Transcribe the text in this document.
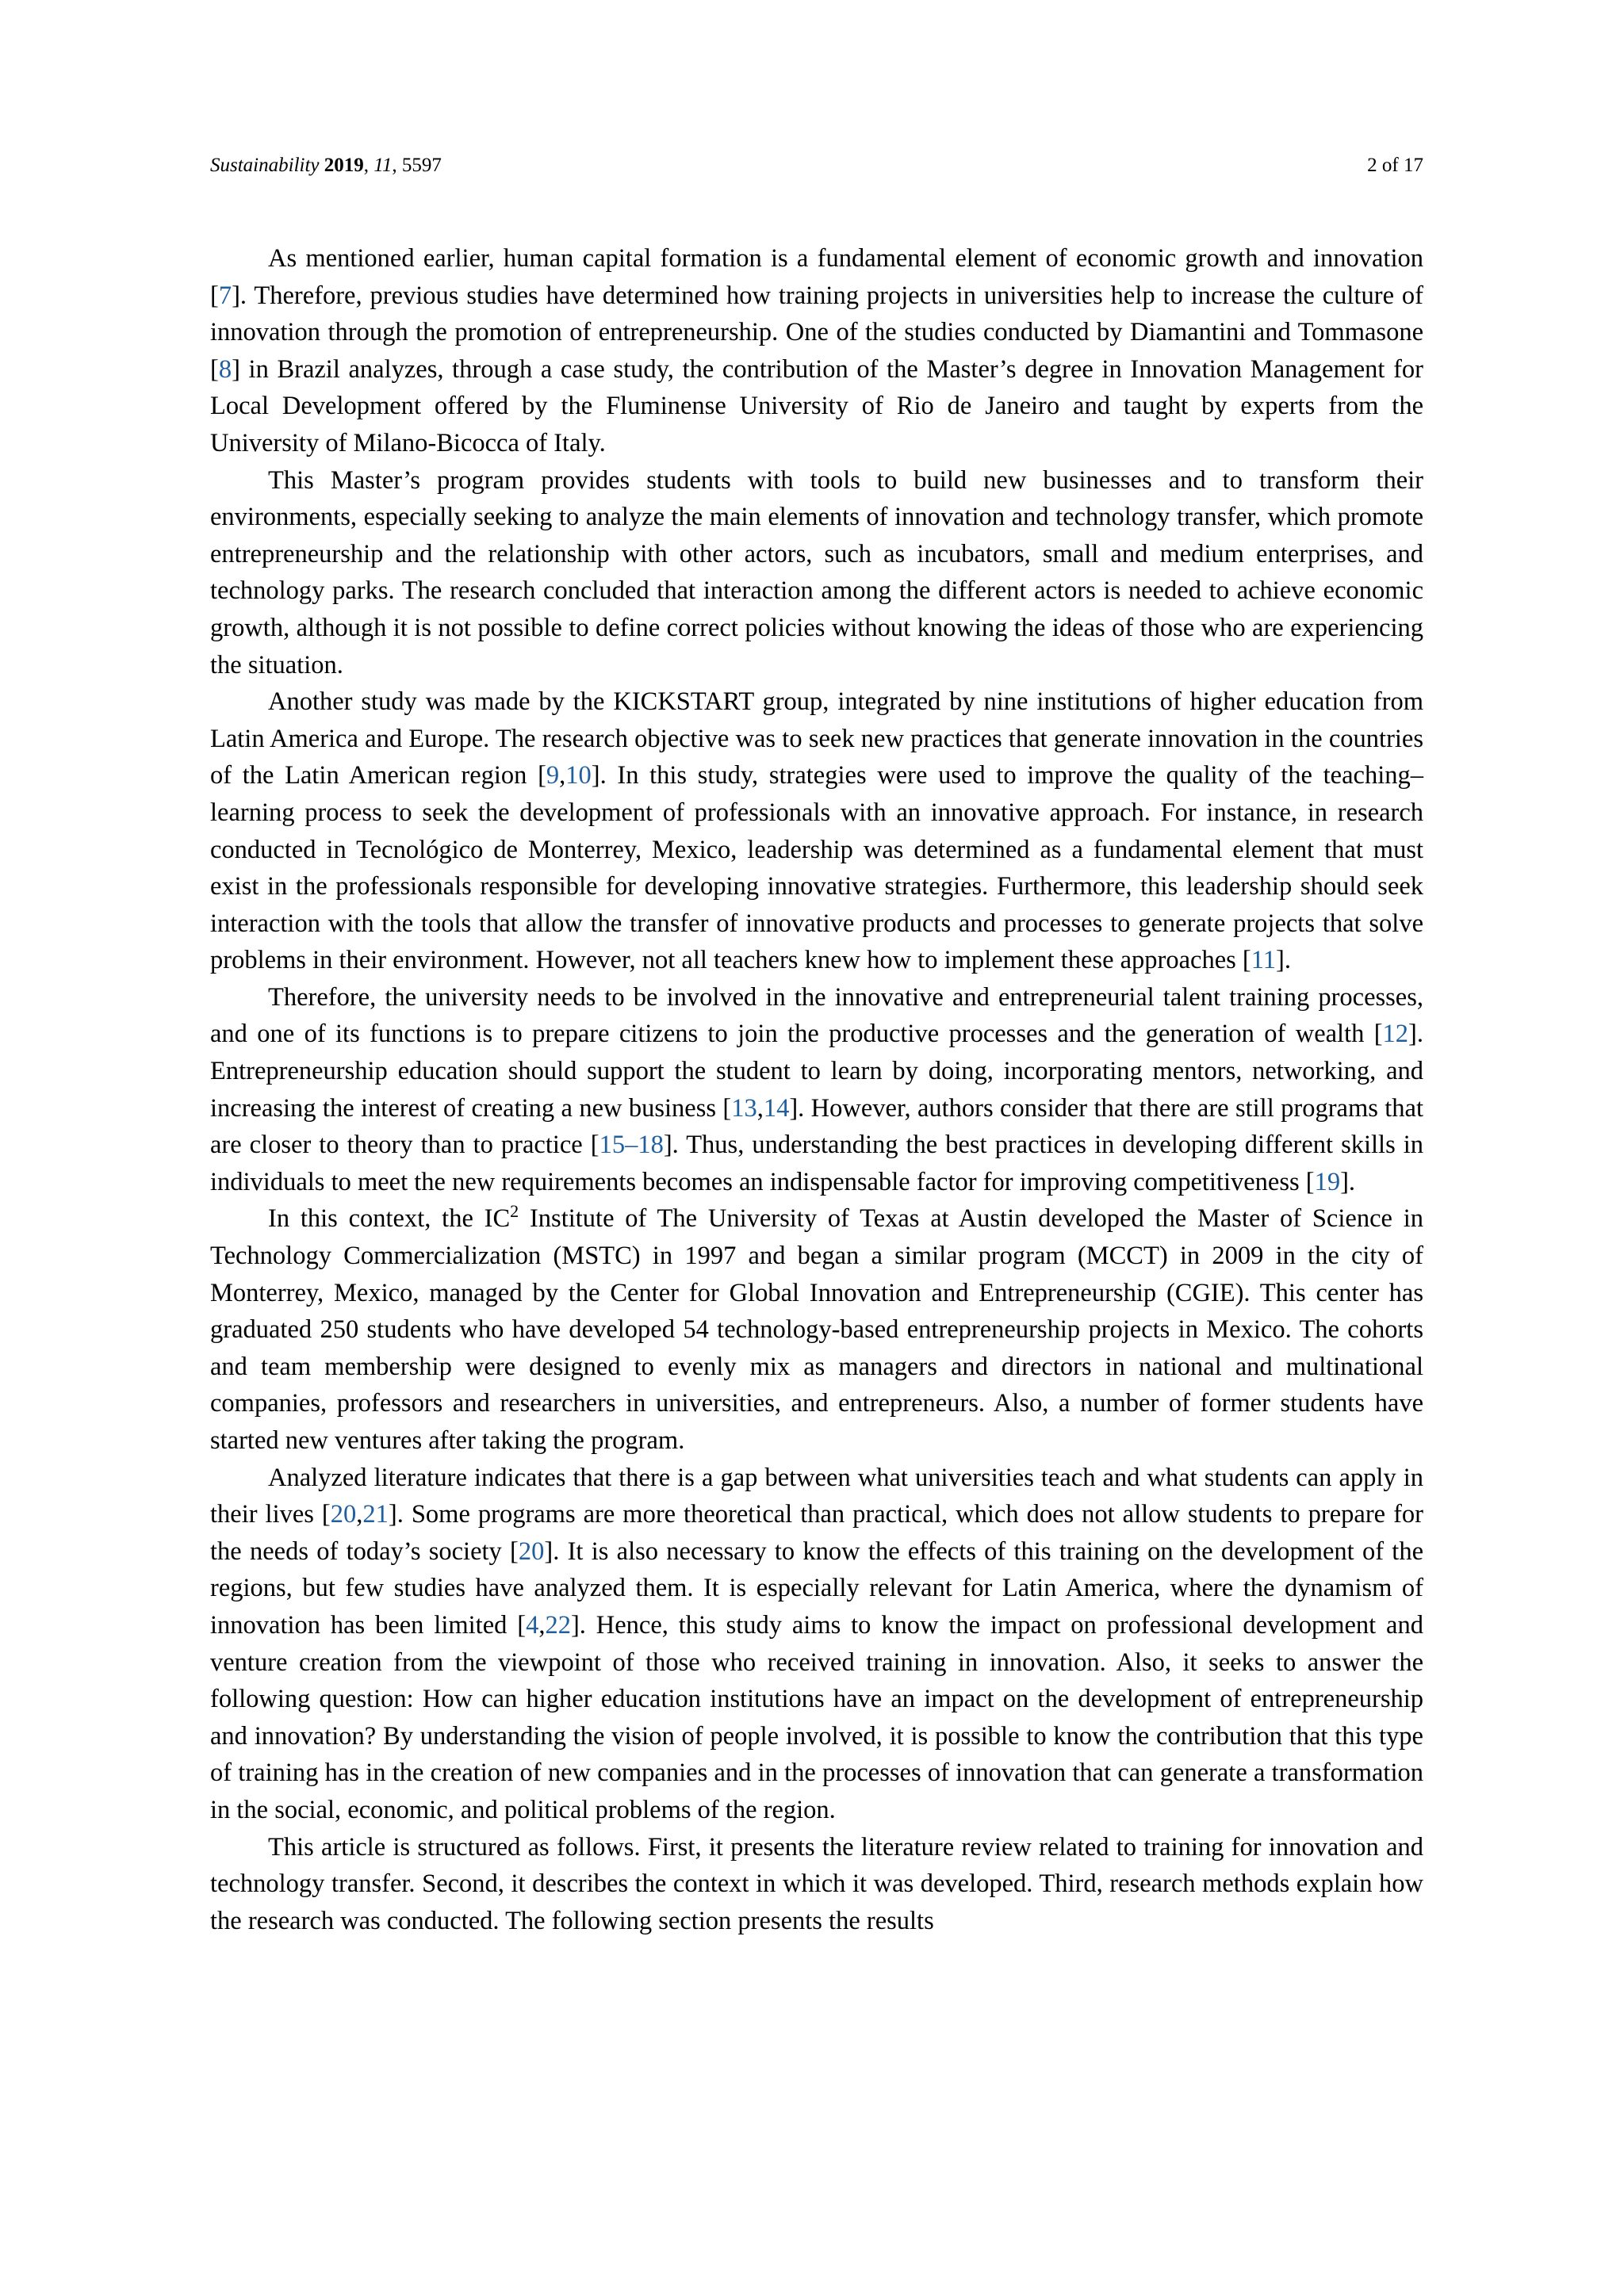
Sustainability 2019, 11, 5597	2 of 17

As mentioned earlier, human capital formation is a fundamental element of economic growth and innovation [7]. Therefore, previous studies have determined how training projects in universities help to increase the culture of innovation through the promotion of entrepreneurship. One of the studies conducted by Diamantini and Tommasone [8] in Brazil analyzes, through a case study, the contribution of the Master’s degree in Innovation Management for Local Development offered by the Fluminense University of Rio de Janeiro and taught by experts from the University of Milano-Bicocca of Italy.

This Master’s program provides students with tools to build new businesses and to transform their environments, especially seeking to analyze the main elements of innovation and technology transfer, which promote entrepreneurship and the relationship with other actors, such as incubators, small and medium enterprises, and technology parks. The research concluded that interaction among the different actors is needed to achieve economic growth, although it is not possible to define correct policies without knowing the ideas of those who are experiencing the situation.

Another study was made by the KICKSTART group, integrated by nine institutions of higher education from Latin America and Europe. The research objective was to seek new practices that generate innovation in the countries of the Latin American region [9,10]. In this study, strategies were used to improve the quality of the teaching–learning process to seek the development of professionals with an innovative approach. For instance, in research conducted in Tecnológico de Monterrey, Mexico, leadership was determined as a fundamental element that must exist in the professionals responsible for developing innovative strategies. Furthermore, this leadership should seek interaction with the tools that allow the transfer of innovative products and processes to generate projects that solve problems in their environment. However, not all teachers knew how to implement these approaches [11].

Therefore, the university needs to be involved in the innovative and entrepreneurial talent training processes, and one of its functions is to prepare citizens to join the productive processes and the generation of wealth [12]. Entrepreneurship education should support the student to learn by doing, incorporating mentors, networking, and increasing the interest of creating a new business [13,14]. However, authors consider that there are still programs that are closer to theory than to practice [15–18]. Thus, understanding the best practices in developing different skills in individuals to meet the new requirements becomes an indispensable factor for improving competitiveness [19].

In this context, the $IC^2$ Institute of The University of Texas at Austin developed the Master of Science in Technology Commercialization (MSTC) in 1997 and began a similar program (MCCT) in 2009 in the city of Monterrey, Mexico, managed by the Center for Global Innovation and Entrepreneurship (CGIE). This center has graduated 250 students who have developed 54 technology-based entrepreneurship projects in Mexico. The cohorts and team membership were designed to evenly mix as managers and directors in national and multinational companies, professors and researchers in universities, and entrepreneurs. Also, a number of former students have started new ventures after taking the program.

Analyzed literature indicates that there is a gap between what universities teach and what students can apply in their lives [20,21]. Some programs are more theoretical than practical, which does not allow students to prepare for the needs of today’s society [20]. It is also necessary to know the effects of this training on the development of the regions, but few studies have analyzed them. It is especially relevant for Latin America, where the dynamism of innovation has been limited [4,22]. Hence, this study aims to know the impact on professional development and venture creation from the viewpoint of those who received training in innovation. Also, it seeks to answer the following question: How can higher education institutions have an impact on the development of entrepreneurship and innovation? By understanding the vision of people involved, it is possible to know the contribution that this type of training has in the creation of new companies and in the processes of innovation that can generate a transformation in the social, economic, and political problems of the region.

This article is structured as follows. First, it presents the literature review related to training for innovation and technology transfer. Second, it describes the context in which it was developed. Third, research methods explain how the research was conducted. The following section presents the results
